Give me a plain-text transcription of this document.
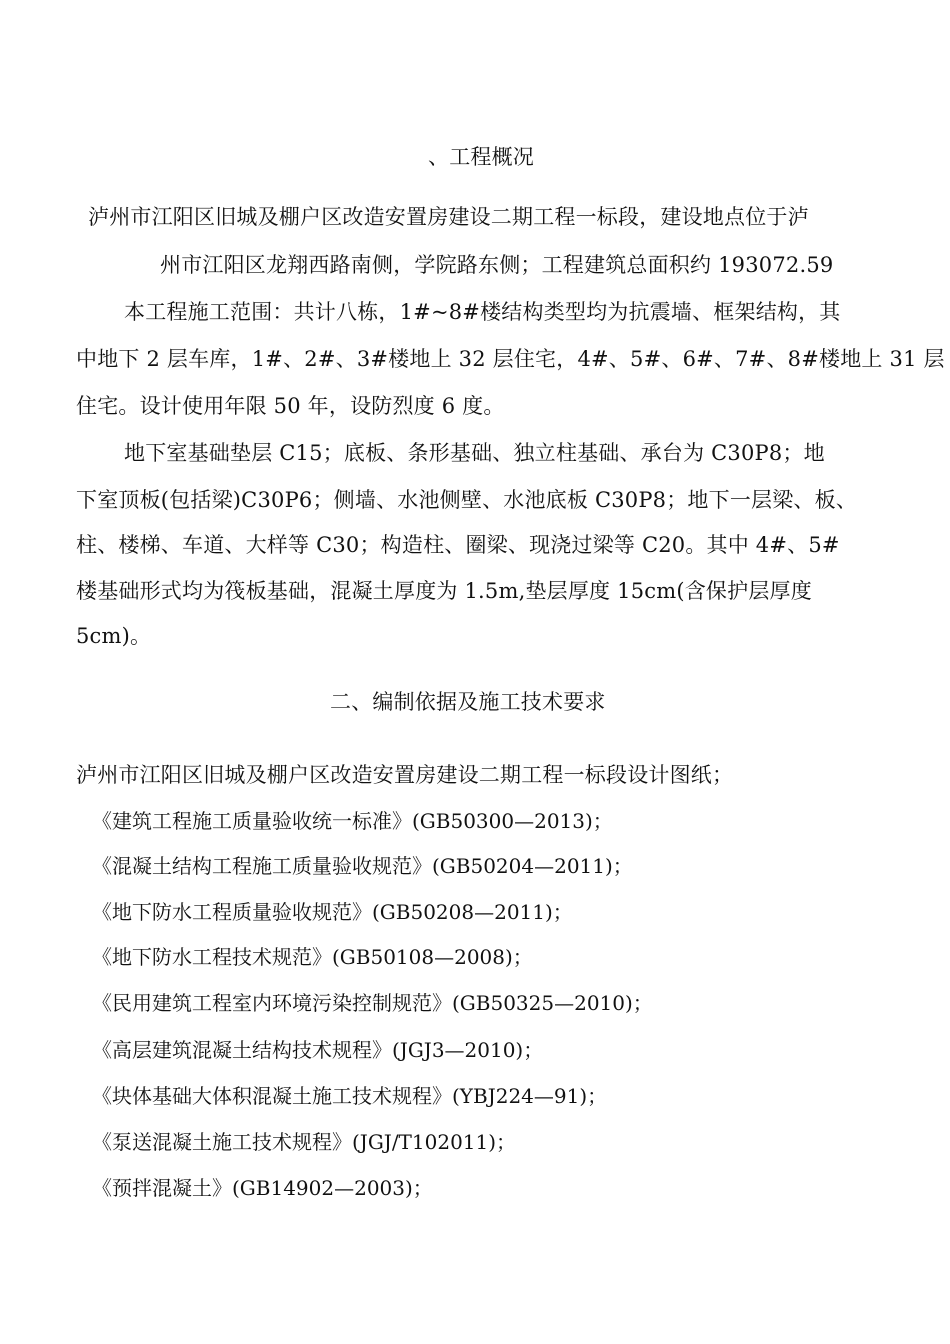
、工程概况
泸州市江阳区旧城及棚户区改造安置房建设二期工程一标段，建设地点位于泸
州市江阳区龙翔西路南侧，学院路东侧；工程建筑总面积约 193072.59
本工程施工范围：共计八栋，1#~8#楼结构类型均为抗震墙、框架结构，其
中地下 2 层车库，1#、2#、3#楼地上 32 层住宅，4#、5#、6#、7#、8#楼地上 31 层
住宅。设计使用年限 50 年，设防烈度 6 度。
地下室基础垫层 C15；底板、条形基础、独立柱基础、承台为 C30P8；地
下室顶板(包括梁)C30P6；侧墙、水池侧壁、水池底板 C30P8；地下一层梁、板、
柱、楼梯、车道、大样等 C30；构造柱、圈梁、现浇过梁等 C20。其中 4#、5#
楼基础形式均为筏板基础，混凝土厚度为 1.5m,垫层厚度 15cm(含保护层厚度
5cm)。
二、编制依据及施工技术要求
泸州市江阳区旧城及棚户区改造安置房建设二期工程一标段设计图纸；
《建筑工程施工质量验收统一标准》(GB50300—2013)；
《混凝土结构工程施工质量验收规范》(GB50204—2011)；
《地下防水工程质量验收规范》(GB50208—2011)；
《地下防水工程技术规范》(GB50108—2008)；
《民用建筑工程室内环境污染控制规范》(GB50325—2010)；
《高层建筑混凝土结构技术规程》(JGJ3—2010)；
《块体基础大体积混凝土施工技术规程》(YBJ224—91)；
《泵送混凝土施工技术规程》(JGJ/T102011)；
《预拌混凝土》(GB14902—2003)；
